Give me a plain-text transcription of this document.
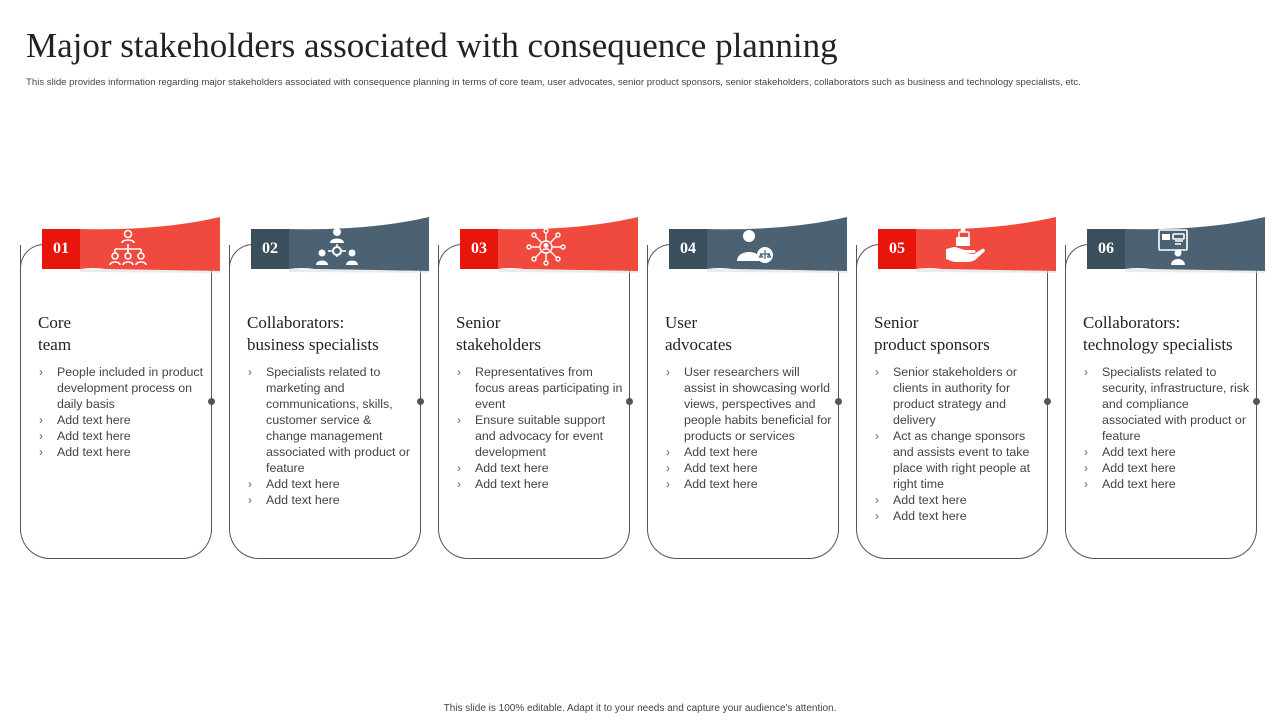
Major stakeholders associated with consequence planning
This slide provides information regarding major stakeholders associated with consequence planning in terms of core team, user advocates, senior product sponsors, senior stakeholders, collaborators such as business and technology specialists, etc.
01
Core
team
› People included in product development process on daily basis
› Add text here
› Add text here
› Add text here
02
Collaborators:
business specialists
› Specialists related to marketing and communications, skills, customer service & change management associated with product or feature
› Add text here
› Add text here
03
Senior
stakeholders
› Representatives from focus areas participating in event
› Ensure suitable support and advocacy for event development
› Add text here
› Add text here
04
User
advocates
› User researchers will assist in showcasing world views, perspectives and people habits beneficial for products or services
› Add text here
› Add text here
› Add text here
05
Senior
product sponsors
› Senior stakeholders or clients in authority for product strategy and delivery
› Act as change sponsors and assists event to take place with right people at right time
› Add text here
› Add text here
06
Collaborators:
technology specialists
› Specialists related to security, infrastructure, risk and compliance associated with product or feature
› Add text here
› Add text here
› Add text here
This slide is 100% editable. Adapt it to your needs and capture your audience's attention.
